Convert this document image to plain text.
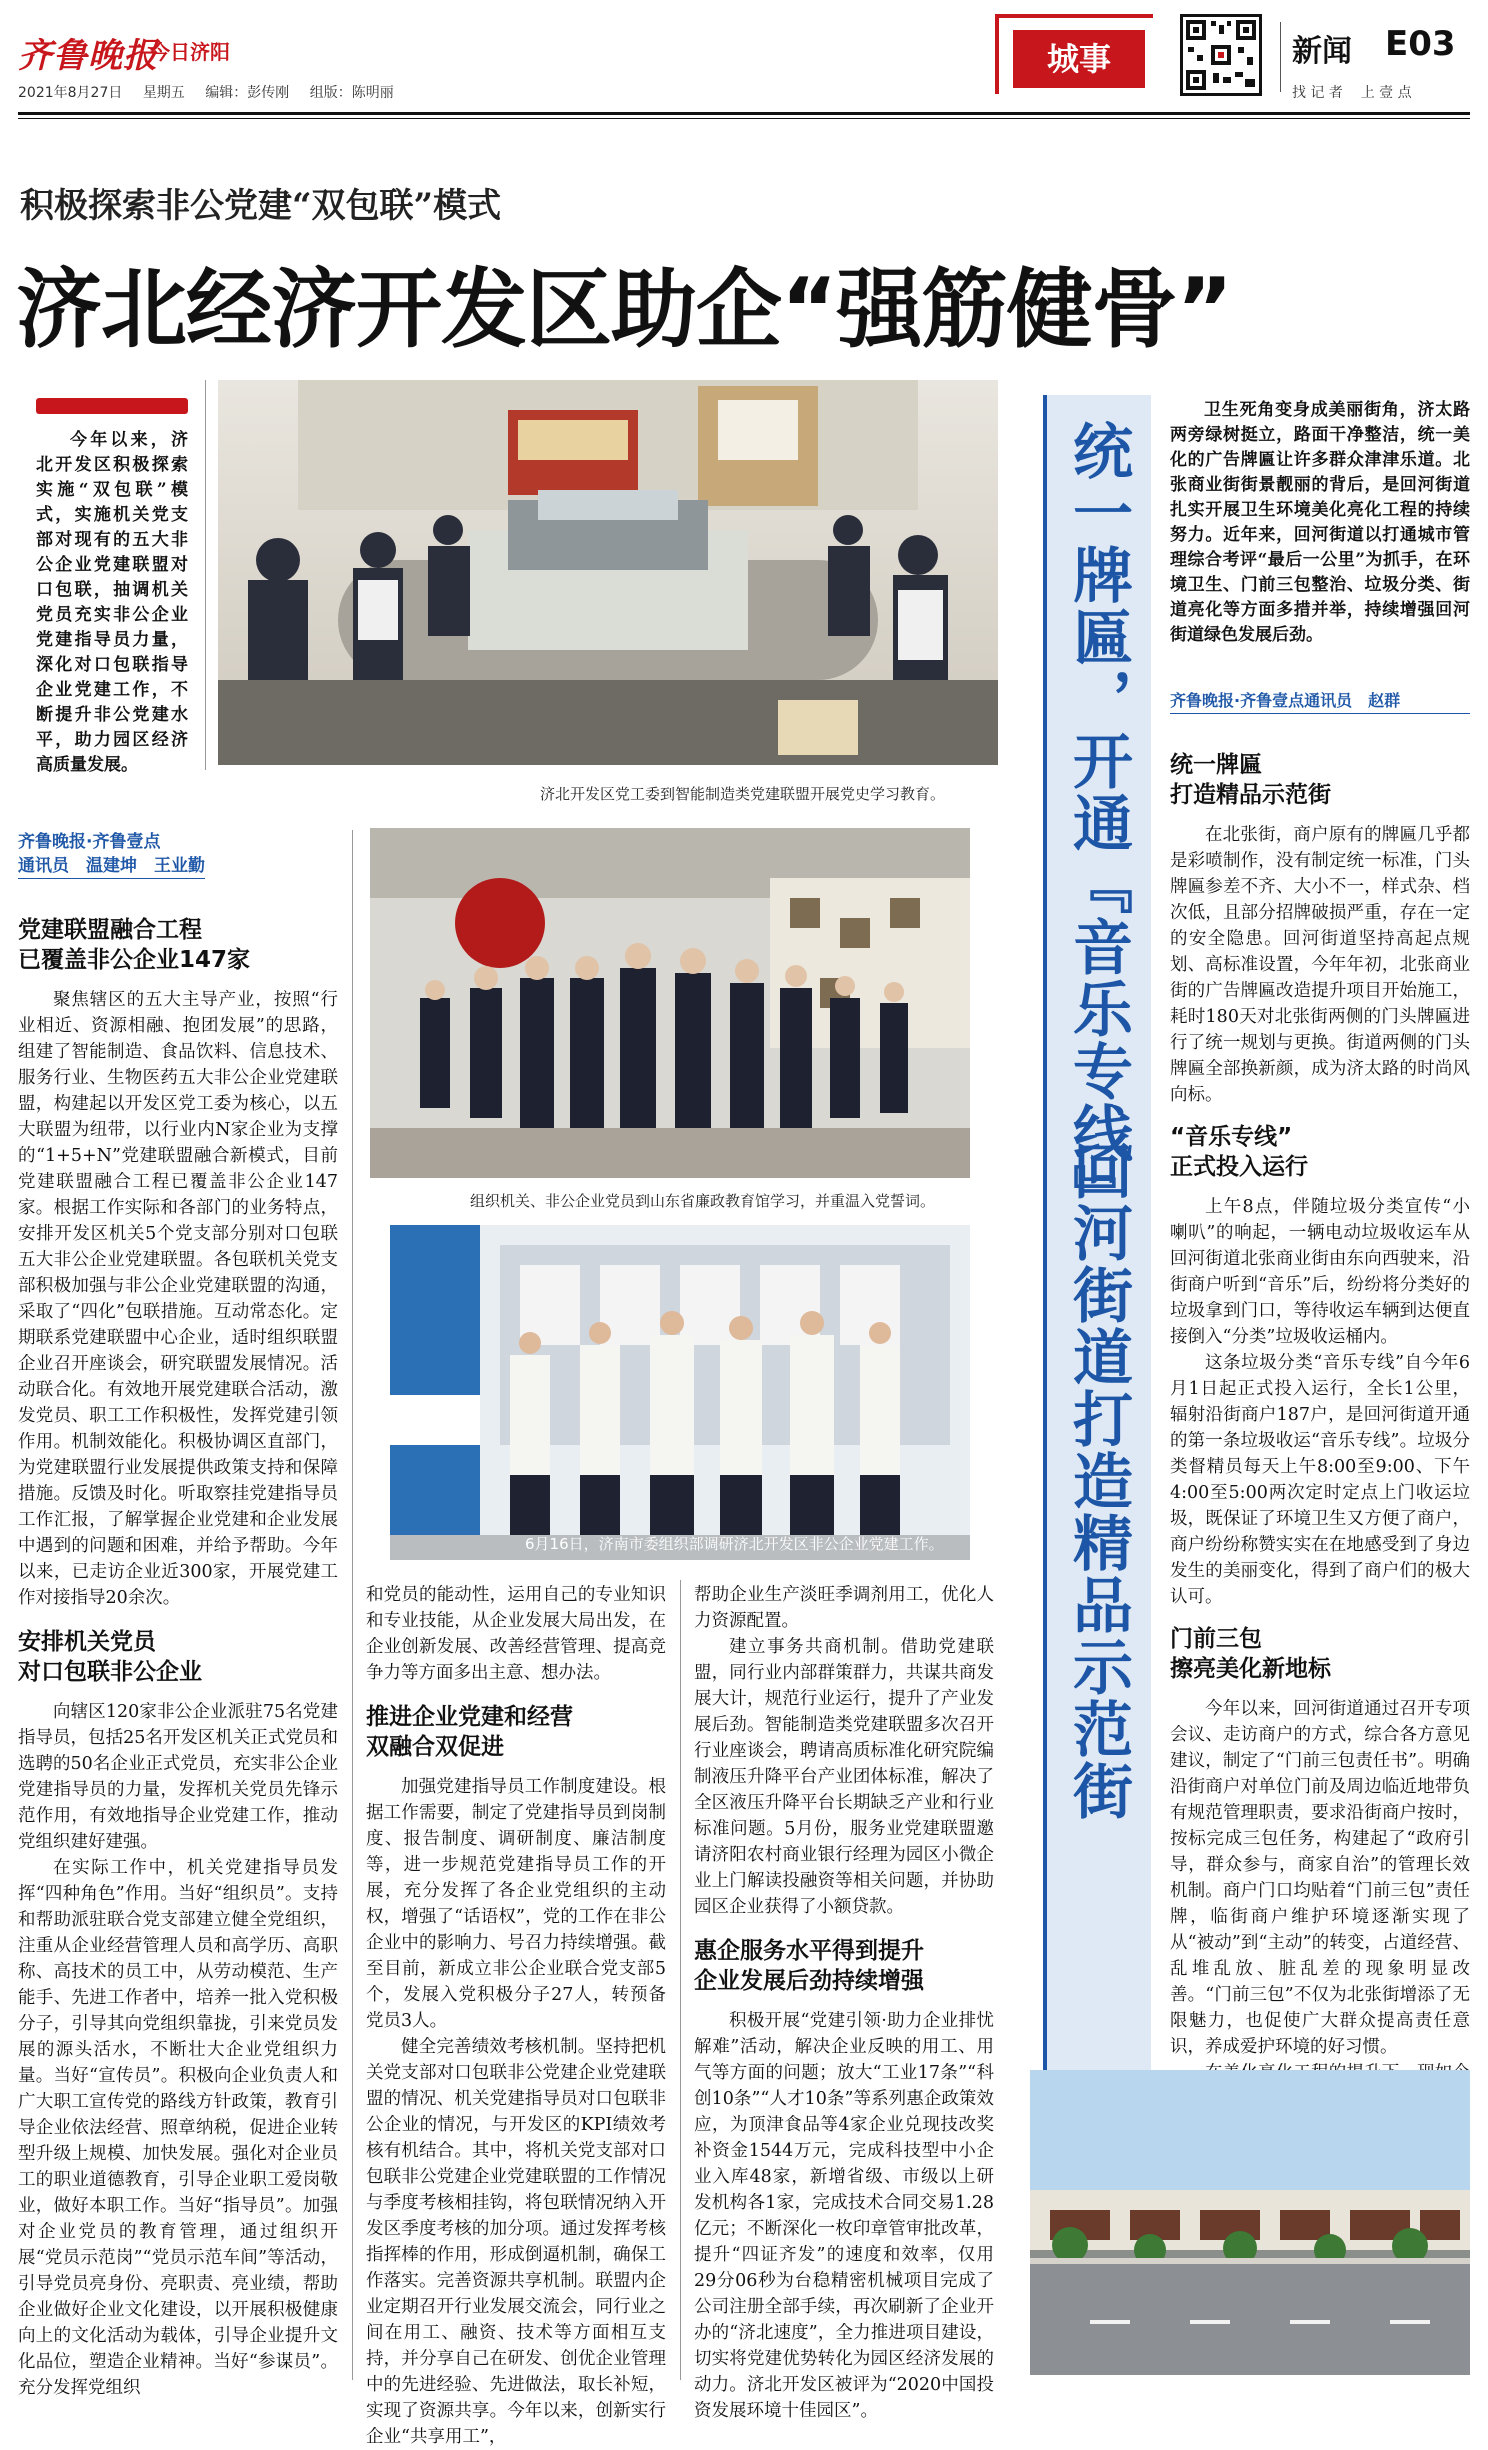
齐鲁晚报
今日济阳
2021年8月27日 星期五 编辑：彭传刚 组版：陈明丽
城事	新闻 E03
找 记 者    上 壹 点
积极探索非公党建“双包联”模式
济北经济开发区助企“强筋健骨”
今年以来，济北开发区积极探索实施“双包联”模式，实施机关党支部对现有的五大非公企业党建联盟对口包联，抽调机关党员充实非公企业党建指导员力量，深化对口包联指导企业党建工作，不断提升非公党建水平，助力园区经济高质量发展。
济北开发区党工委到智能制造类党建联盟开展党史学习教育。
齐鲁晚报·齐鲁壹点
通讯员　温建坤　王业勤
党建联盟融合工程
已覆盖非公企业147家
聚焦辖区的五大主导产业，按照“行业相近、资源相融、抱团发展”的思路，组建了智能制造、食品饮料、信息技术、服务行业、生物医药五大非公企业党建联盟，构建起以开发区党工委为核心，以五大联盟为纽带，以行业内N家企业为支撑的“1+5+N”党建联盟融合新模式，目前党建联盟融合工程已覆盖非公企业147家。根据工作实际和各部门的业务特点，安排开发区机关5个党支部分别对口包联五大非公企业党建联盟。各包联机关党支部积极加强与非公企业党建联盟的沟通，采取了“四化”包联措施。互动常态化。定期联系党建联盟中心企业，适时组织联盟企业召开座谈会，研究联盟发展情况。活动联合化。有效地开展党建联合活动，激发党员、职工工作积极性，发挥党建引领作用。机制效能化。积极协调区直部门，为党建联盟行业发展提供政策支持和保障措施。反馈及时化。听取察挂党建指导员工作汇报，了解掌握企业党建和企业发展中遇到的问题和困难，并给予帮助。今年以来，已走访企业近300家，开展党建工作对接指导20余次。
安排机关党员
对口包联非公企业
向辖区120家非公企业派驻75名党建指导员，包括25名开发区机关正式党员和选聘的50名企业正式党员，充实非公企业党建指导员的力量，发挥机关党员先锋示范作用，有效地指导企业党建工作，推动党组织建好建强。
在实际工作中，机关党建指导员发挥“四种角色”作用。当好“组织员”。支持和帮助派驻联合党支部建立健全党组织，注重从企业经营管理人员和高学历、高职称、高技术的员工中，从劳动模范、生产能手、先进工作者中，培养一批入党积极分子，引导其向党组织靠拢，引来党员发展的源头活水，不断壮大企业党组织力量。当好“宣传员”。积极向企业负责人和广大职工宣传党的路线方针政策，教育引导企业依法经营、照章纳税，促进企业转型升级上规模、加快发展。强化对企业员工的职业道德教育，引导企业职工爱岗敬业，做好本职工作。当好“指导员”。加强对企业党员的教育管理，通过组织开展“党员示范岗”“党员示范车间”等活动，引导党员亮身份、亮职责、亮业绩，帮助企业做好企业文化建设，以开展积极健康向上的文化活动为载体，引导企业提升文化品位，塑造企业精神。当好“参谋员”。充分发挥党组织
组织机关、非公企业党员到山东省廉政教育馆学习，并重温入党誓词。
6月16日，济南市委组织部调研济北开发区非公企业党建工作。
和党员的能动性，运用自己的专业知识和专业技能，从企业发展大局出发，在企业创新发展、改善经营管理、提高竞争力等方面多出主意、想办法。
推进企业党建和经营
双融合双促进
加强党建指导员工作制度建设。根据工作需要，制定了党建指导员到岗制度、报告制度、调研制度、廉洁制度等，进一步规范党建指导员工作的开展，充分发挥了各企业党组织的主动权，增强了“话语权”，党的工作在非公企业中的影响力、号召力持续增强。截至目前，新成立非公企业联合党支部5个，发展入党积极分子27人，转预备党员3人。
健全完善绩效考核机制。坚持把机关党支部对口包联非公党建企业党建联盟的情况、机关党建指导员对口包联非公企业的情况，与开发区的KPI绩效考核有机结合。其中，将机关党支部对口包联非公党建企业党建联盟的工作情况与季度考核相挂钩，将包联情况纳入开发区季度考核的加分项。通过发挥考核指挥棒的作用，形成倒逼机制，确保工作落实。完善资源共享机制。联盟内企业定期召开行业发展交流会，同行业之间在用工、融资、技术等方面相互支持，并分享自己在研发、创优企业管理中的先进经验、先进做法，取长补短，实现了资源共享。今年以来，创新实行企业“共享用工”，
帮助企业生产淡旺季调剂用工，优化人力资源配置。
建立事务共商机制。借助党建联盟，同行业内部群策群力，共谋共商发展大计，规范行业运行，提升了产业发展后劲。智能制造类党建联盟多次召开行业座谈会，聘请高质标准化研究院编制液压升降平台产业团体标准，解决了全区液压升降平台长期缺乏产业和行业标准问题。5月份，服务业党建联盟邀请济阳农村商业银行经理为园区小微企业上门解读投融资等相关问题，并协助园区企业获得了小额贷款。
惠企服务水平得到提升
企业发展后劲持续增强
积极开展“党建引领·助力企业排忧解难”活动，解决企业反映的用工、用气等方面的问题；放大“工业17条”“科创10条”“人才10条”等系列惠企政策效应，为顶津食品等4家企业兑现技改奖补资金1544万元，完成科技型中小企业入库48家，新增省级、市级以上研发机构各1家，完成技术合同交易1.28亿元；不断深化一枚印章管审批改革，提升“四证齐发”的速度和效率，仅用29分06秒为台稳精密机械项目完成了公司注册全部手续，再次刷新了企业开办的“济北速度”，全力推进项目建设，切实将党建优势转化为园区经济发展的动力。济北开发区被评为“2020中国投资发展环境十佳园区”。
统一牌匾，开通『音乐专线』
回河街道打造精品示范街
卫生死角变身成美丽街角，济太路两旁绿树挺立，路面干净整洁，统一美化的广告牌匾让许多群众津津乐道。北张商业街街景靓丽的背后，是回河街道扎实开展卫生环境美化亮化工程的持续努力。近年来，回河街道以打通城市管理综合考评“最后一公里”为抓手，在环境卫生、门前三包整治、垃圾分类、街道亮化等方面多措并举，持续增强回河街道绿色发展后劲。
齐鲁晚报·齐鲁壹点通讯员　赵群
统一牌匾
打造精品示范街
在北张街，商户原有的牌匾几乎都是彩喷制作，没有制定统一标准，门头牌匾参差不齐、大小不一，样式杂、档次低，且部分招牌破损严重，存在一定的安全隐患。回河街道坚持高起点规划、高标准设置，今年年初，北张商业街的广告牌匾改造提升项目开始施工，耗时180天对北张街两侧的门头牌匾进行了统一规划与更换。街道两侧的门头牌匾全部换新颜，成为济太路的时尚风向标。
“音乐专线”
正式投入运行
上午8点，伴随垃圾分类宣传“小喇叭”的响起，一辆电动垃圾收运车从回河街道北张商业街由东向西驶来，沿街商户听到“音乐”后，纷纷将分类好的垃圾拿到门口，等待收运车辆到达便直接倒入“分类”垃圾收运桶内。
这条垃圾分类“音乐专线”自今年6月1日起正式投入运行，全长1公里，辐射沿街商户187户，是回河街道开通的第一条垃圾收运“音乐专线”。垃圾分类督精员每天上午8:00至9:00、下午4:00至5:00两次定时定点上门收运垃圾，既保证了环境卫生又方便了商户，商户纷纷称赞实实在在地感受到了身边发生的美丽变化，得到了商户们的极大认可。
门前三包
擦亮美化新地标
今年以来，回河街道通过召开专项会议、走访商户的方式，综合各方意见建议，制定了“门前三包责任书”。明确沿街商户对单位门前及周边临近地带负有规范管理职责，要求沿街商户按时，按标完成三包任务，构建起了“政府引导，群众参与，商家自治”的管理长效机制。商户门口均贴着“门前三包”责任牌，临街商户维护环境逐渐实现了从“被动”到“主动”的转变，占道经营、乱堆乱放、脏乱差的现象明显改善。“门前三包”不仅为北张街增添了无限魅力，也促使广大群众提高责任意识，养成爱护环境的好习惯。
